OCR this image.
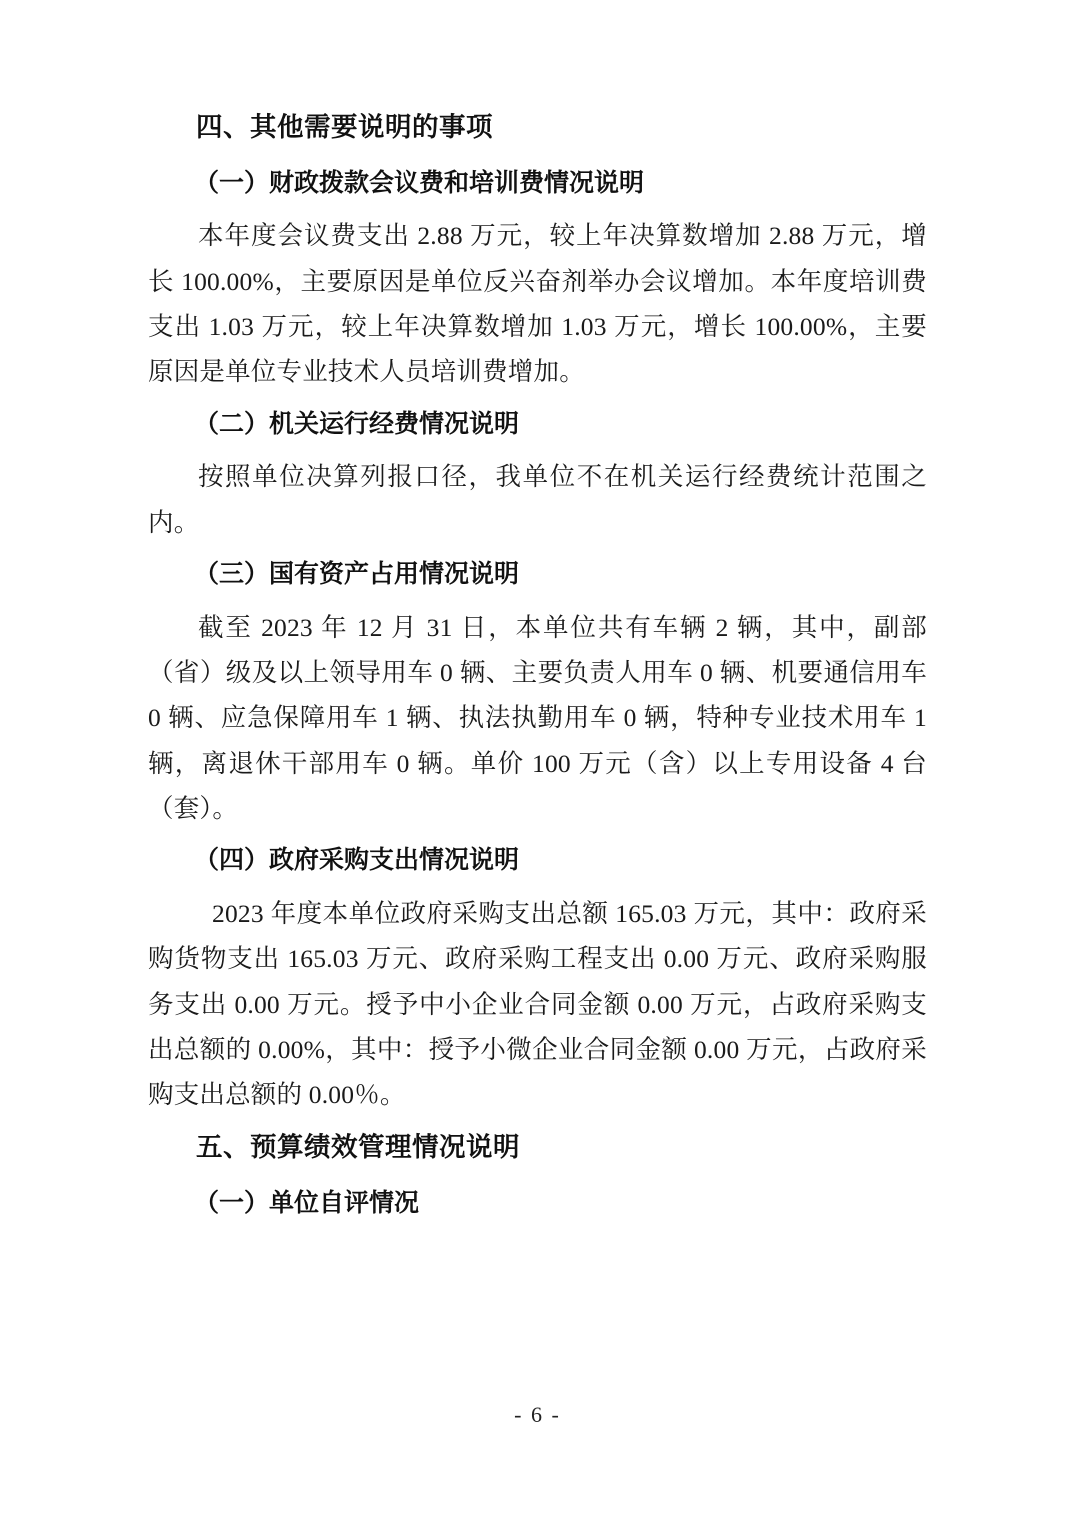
四、其他需要说明的事项
（一）财政拨款会议费和培训费情况说明

本年度会议费支出 2.88 万元，较上年决算数增加 2.88 万元，增长 100.00%，主要原因是单位反兴奋剂举办会议增加。本年度培训费支出 1.03 万元，较上年决算数增加 1.03 万元，增长 100.00%，主要原因是单位专业技术人员培训费增加。

（二）机关运行经费情况说明

按照单位决算列报口径，我单位不在机关运行经费统计范围之内。

（三）国有资产占用情况说明

截至 2023 年 12 月 31 日，本单位共有车辆 2 辆，其中，副部（省）级及以上领导用车 0 辆、主要负责人用车 0 辆、机要通信用车 0 辆、应急保障用车 1 辆、执法执勤用车 0 辆，特种专业技术用车 1 辆，离退休干部用车 0 辆。单价 100 万元（含）以上专用设备 4 台（套）。

（四）政府采购支出情况说明

2023 年度本单位政府采购支出总额 165.03 万元，其中：政府采购货物支出 165.03 万元、政府采购工程支出 0.00 万元、政府采购服务支出 0.00 万元。授予中小企业合同金额 0.00 万元，占政府采购支出总额的 0.00%，其中：授予小微企业合同金额 0.00 万元，占政府采购支出总额的 0.00％。

五、预算绩效管理情况说明
（一）单位自评情况
- 6 -
